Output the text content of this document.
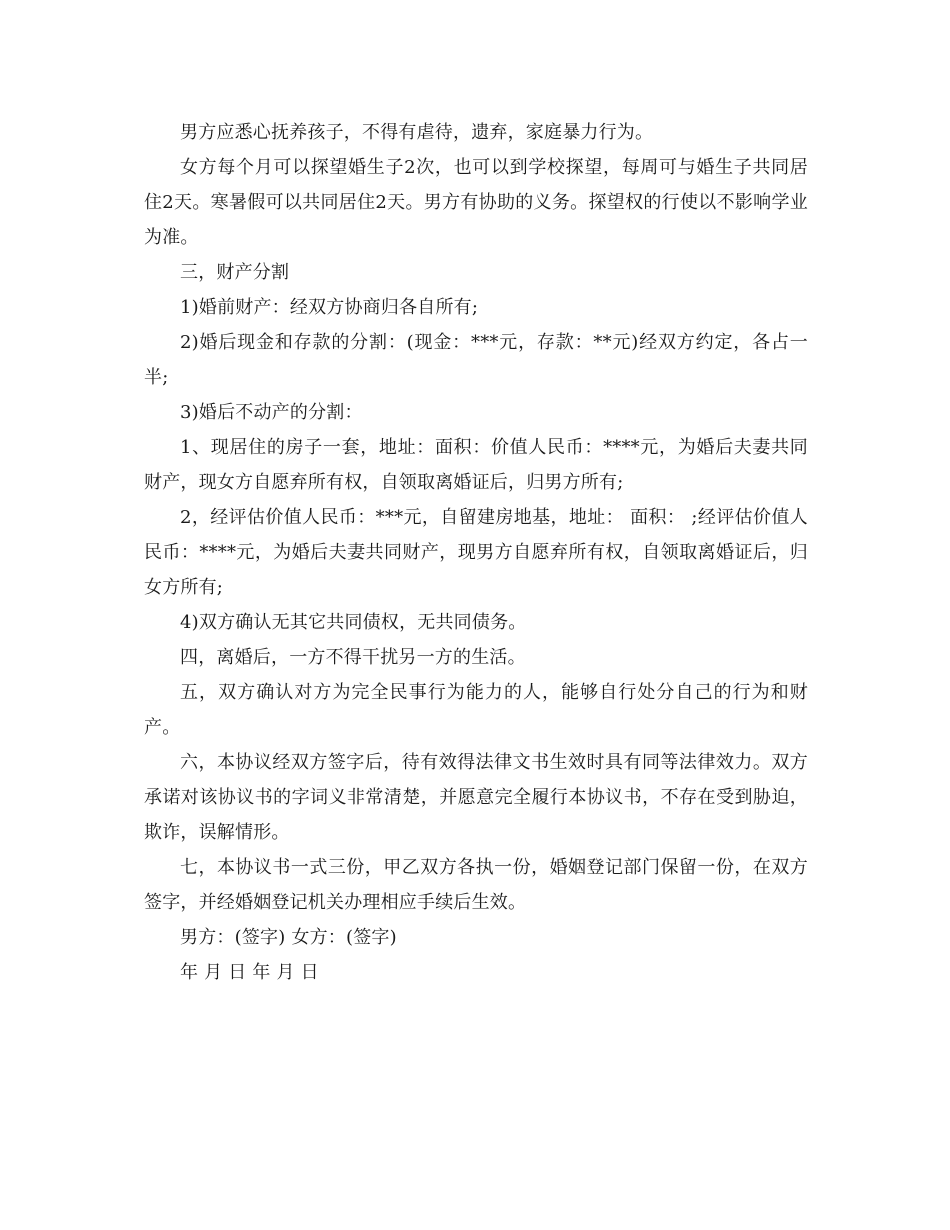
男方应悉心抚养孩子，不得有虐待，遗弃，家庭暴力行为。

女方每个月可以探望婚生子2次，也可以到学校探望，每周可与婚生子共同居住2天。寒暑假可以共同居住2天。男方有协助的义务。探望权的行使以不影响学业为准。

三，财产分割

1)婚前财产：经双方协商归各自所有;

2)婚后现金和存款的分割：(现金：***元，存款：**元)经双方约定，各占一半;

3)婚后不动产的分割：

1、现居住的房子一套，地址：面积：价值人民币：****元，为婚后夫妻共同财产，现女方自愿弃所有权，自领取离婚证后，归男方所有;

2，经评估价值人民币：***元，自留建房地基，地址： 面积： ;经评估价值人民币：****元，为婚后夫妻共同财产，现男方自愿弃所有权，自领取离婚证后，归女方所有;

4)双方确认无其它共同债权，无共同债务。

四，离婚后，一方不得干扰另一方的生活。

五，双方确认对方为完全民事行为能力的人，能够自行处分自己的行为和财产。

六，本协议经双方签字后，待有效得法律文书生效时具有同等法律效力。双方承诺对该协议书的字词义非常清楚，并愿意完全履行本协议书，不存在受到胁迫，欺诈，误解情形。

七，本协议书一式三份，甲乙双方各执一份，婚姻登记部门保留一份，在双方签字，并经婚姻登记机关办理相应手续后生效。

男方：(签字) 女方：(签字)

年 月 日 年 月 日
